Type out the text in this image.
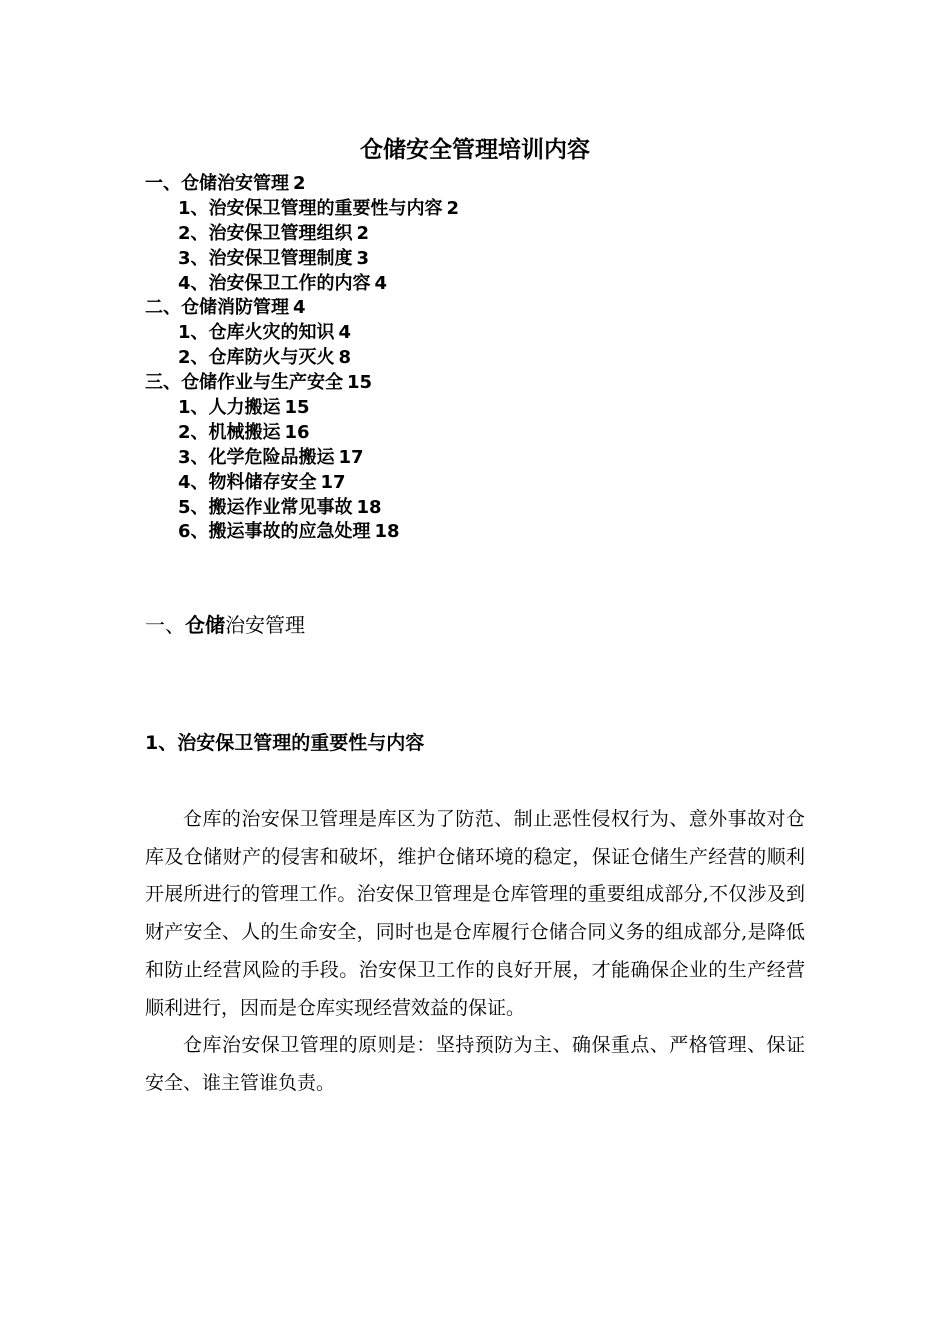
仓储安全管理培训内容
一、仓储治安管理 2
1、治安保卫管理的重要性与内容 2
2、治安保卫管理组织 2
3、治安保卫管理制度 3
4、治安保卫工作的内容 4
二、仓储消防管理 4
1、仓库火灾的知识 4
2、仓库防火与灭火 8
三、仓储作业与生产安全 15
1、人力搬运 15
2、机械搬运 16
3、化学危险品搬运 17
4、物料储存安全 17
5、搬运作业常见事故 18
6、搬运事故的应急处理 18
一、仓储治安管理
1、治安保卫管理的重要性与内容

仓库的治安保卫管理是库区为了防范、制止恶性侵权行为、意外事故对仓库及仓储财产的侵害和破坏，维护仓储环境的稳定，保证仓储生产经营的顺利开展所进行的管理工作。治安保卫管理是仓库管理的重要组成部分,不仅涉及到财产安全、人的生命安全，同时也是仓库履行仓储合同义务的组成部分,是降低和防止经营风险的手段。治安保卫工作的良好开展，才能确保企业的生产经营顺利进行，因而是仓库实现经营效益的保证。

仓库治安保卫管理的原则是：坚持预防为主、确保重点、严格管理、保证安全、谁主管谁负责。
